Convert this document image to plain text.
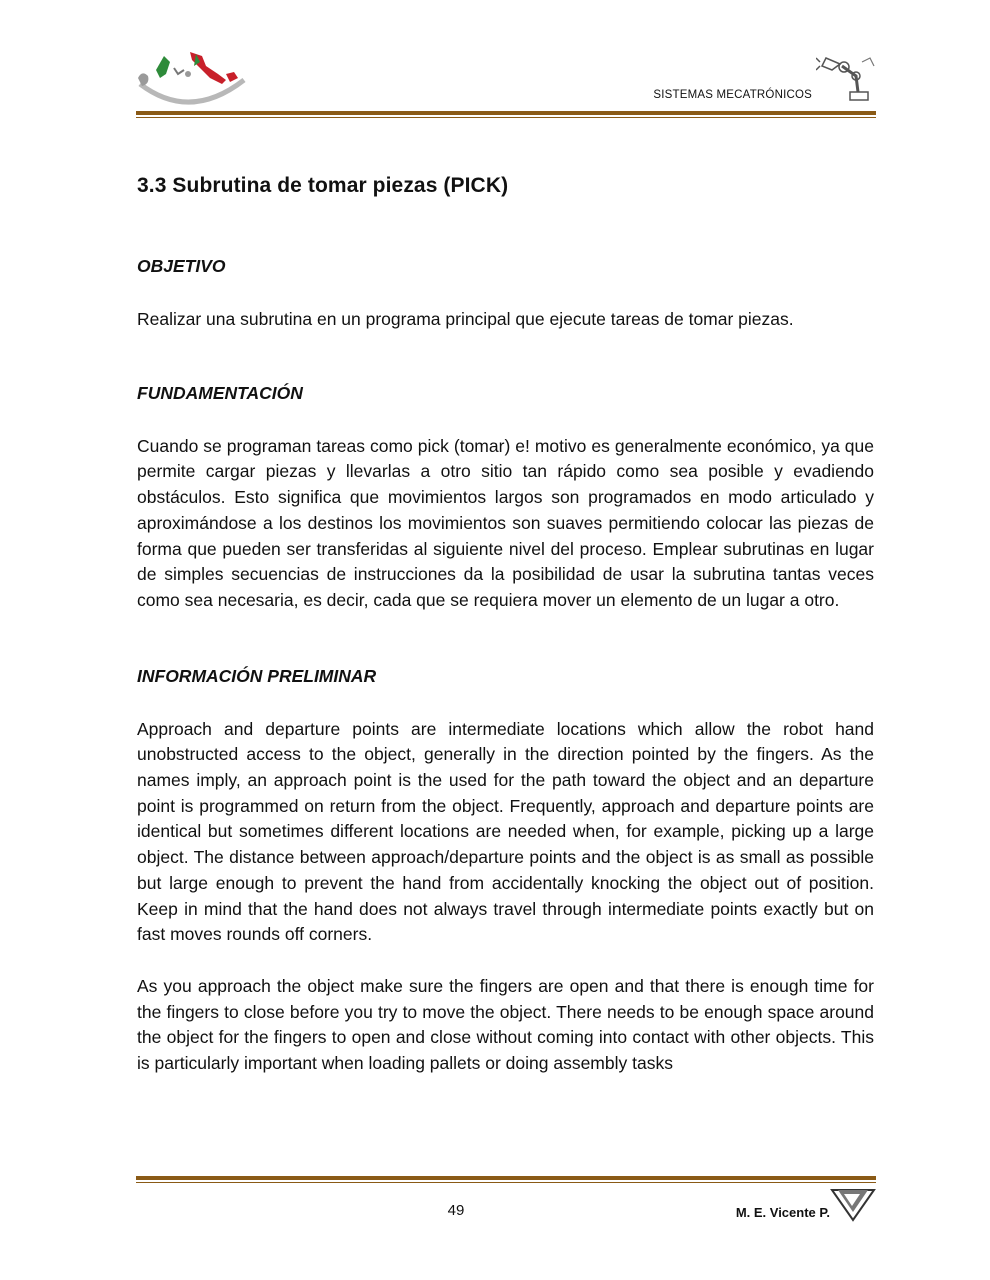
SISTEMAS MECATRÓNICOS
3.3 Subrutina de tomar piezas (PICK)
OBJETIVO

Realizar una subrutina en un programa principal que ejecute tareas de tomar piezas.

FUNDAMENTACIÓN

Cuando se programan tareas como pick (tomar) e! motivo es generalmente económico, ya que permite cargar piezas y llevarlas a otro sitio tan rápido como sea posible y evadiendo obstáculos. Esto significa que movimientos largos son programados en modo articulado y aproximándose a los destinos los movimientos son suaves permitiendo colocar las piezas de forma que pueden ser transferidas al siguiente nivel del proceso. Emplear subrutinas en lugar de simples secuencias de instrucciones da la posibilidad de usar la subrutina tantas veces como sea necesaria, es decir, cada que se requiera mover un elemento de un lugar a otro.

INFORMACIÓN PRELIMINAR

Approach and departure points are intermediate locations which allow the robot hand unobstructed access to the object, generally in the direction pointed by the fingers. As the names imply, an approach point is the used for the path toward the object and an departure point is programmed on return from the object. Frequently, approach and departure points are identical but sometimes different locations are needed when, for example, picking up a large object. The distance between approach/departure points and the object is as small as possible but large enough to prevent the hand from accidentally knocking the object out of position. Keep in mind that the hand does not always travel through intermediate points exactly but on fast moves rounds off corners.

As you approach the object make sure the fingers are open and that there is enough time for the fingers to close before you try to move the object. There needs to be enough space around the object for the fingers to open and close without coming into contact with other objects. This is particularly important when loading pallets or doing assembly tasks

49	M. E. Vicente P.
